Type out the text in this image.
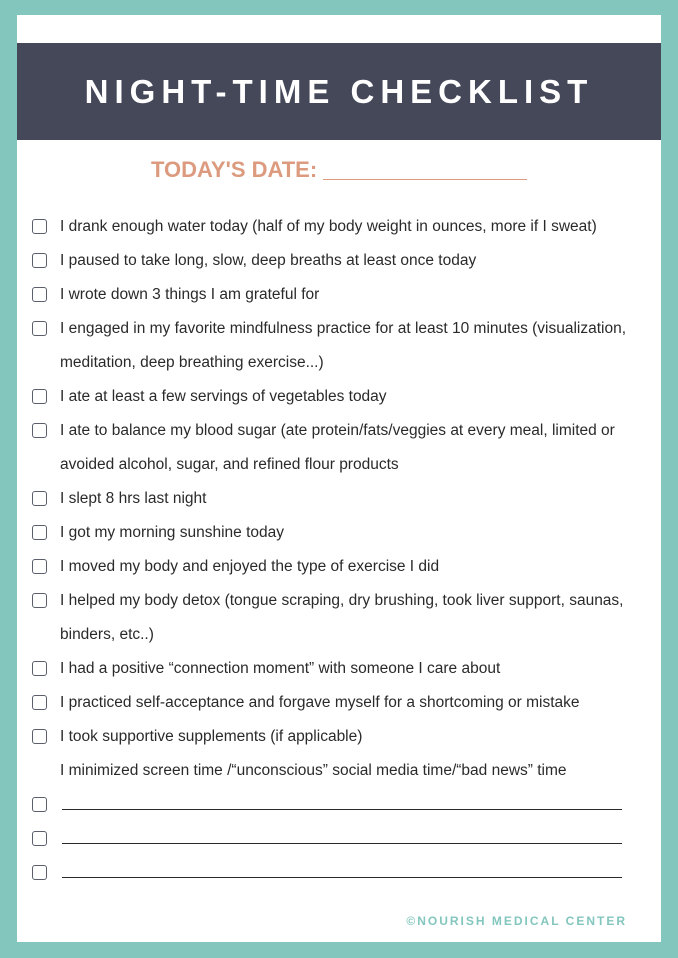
NIGHT-TIME CHECKLIST
TODAY'S DATE:
I drank enough water today (half of my body weight in ounces, more if I sweat)
I paused to take long, slow, deep breaths at least once today
I wrote down 3 things I am grateful for
I engaged in my favorite mindfulness practice for at least 10 minutes (visualization, meditation, deep breathing exercise...)
I ate at least a few servings of vegetables today
I ate to balance my blood sugar (ate protein/fats/veggies at every meal, limited or avoided alcohol, sugar, and refined flour products
I slept 8 hrs last night
I got my morning sunshine today
I moved my body and enjoyed the type of exercise I did
I helped my body detox (tongue scraping, dry brushing, took liver support, saunas, binders, etc..)
I had a positive “connection moment” with someone I care about
I practiced self-acceptance and forgave myself for a shortcoming or mistake
I took supportive supplements (if applicable)
I minimized screen time /“unconscious” social media time/“bad news” time
©NOURISH MEDICAL CENTER
